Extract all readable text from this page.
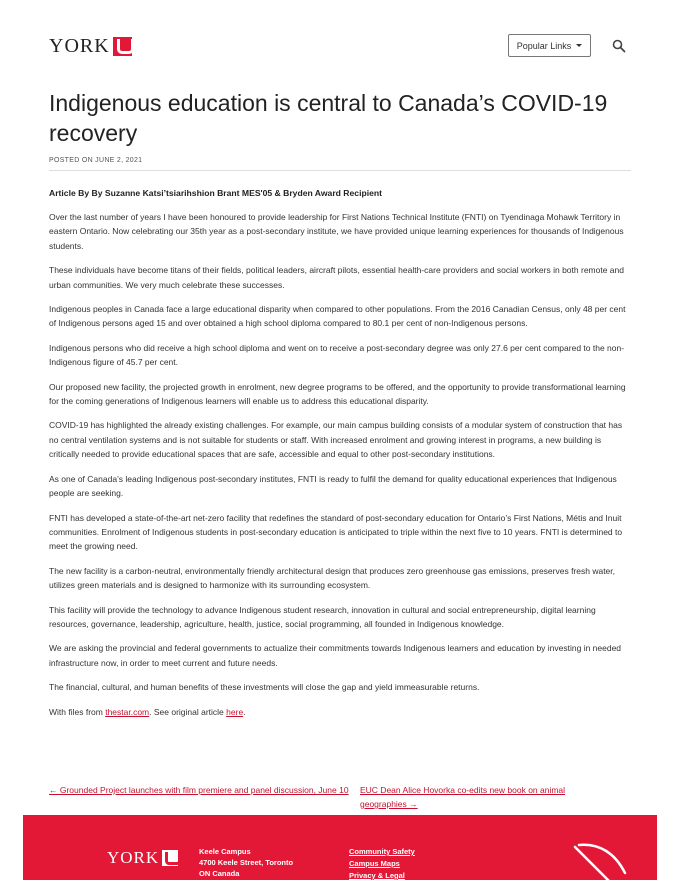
YORK	Popular Links
Indigenous education is central to Canada’s COVID-19 recovery
POSTED ON JUNE 2, 2021

Article By By Suzanne Katsi’tsiarihshion Brant MES'05 & Bryden Award Recipient

Over the last number of years I have been honoured to provide leadership for First Nations Technical Institute (FNTI) on Tyendinaga Mohawk Territory in eastern Ontario. Now celebrating our 35th year as a post-secondary institute, we have provided unique learning experiences for thousands of Indigenous students.

These individuals have become titans of their fields, political leaders, aircraft pilots, essential health-care providers and social workers in both remote and urban communities. We very much celebrate these successes.

Indigenous peoples in Canada face a large educational disparity when compared to other populations. From the 2016 Canadian Census, only 48 per cent of Indigenous persons aged 15 and over obtained a high school diploma compared to 80.1 per cent of non-Indigenous persons.

Indigenous persons who did receive a high school diploma and went on to receive a post-secondary degree was only 27.6 per cent compared to the non-Indigenous figure of 45.7 per cent.

Our proposed new facility, the projected growth in enrolment, new degree programs to be offered, and the opportunity to provide transformational learning for the coming generations of Indigenous learners will enable us to address this educational disparity.

COVID-19 has highlighted the already existing challenges. For example, our main campus building consists of a modular system of construction that has no central ventilation systems and is not suitable for students or staff. With increased enrolment and growing interest in programs, a new building is critically needed to provide educational spaces that are safe, accessible and equal to other post-secondary institutions.

As one of Canada’s leading Indigenous post-secondary institutes, FNTI is ready to fulfil the demand for quality educational experiences that Indigenous people are seeking.

FNTI has developed a state-of-the-art net-zero facility that redefines the standard of post-secondary education for Ontario’s First Nations, Métis and Inuit communities. Enrolment of Indigenous students in post-secondary education is anticipated to triple within the next five to 10 years. FNTI is determined to meet the growing need.

The new facility is a carbon-neutral, environmentally friendly architectural design that produces zero greenhouse gas emissions, preserves fresh water, utilizes green materials and is designed to harmonize with its surrounding ecosystem.

This facility will provide the technology to advance Indigenous student research, innovation in cultural and social entrepreneurship, digital learning resources, governance, leadership, agriculture, health, justice, social programming, all founded in Indigenous knowledge.

We are asking the provincial and federal governments to actualize their commitments towards Indigenous learners and education by investing in needed infrastructure now, in order to meet current and future needs.

The financial, cultural, and human benefits of these investments will close the gap and yield immeasurable returns.

With files from thestar.com. See original article here.

← Grounded Project launches with film premiere and panel discussion, June 10	EUC Dean Alice Hovorka co-edits new book on animal geographies →
YORK	Keele Campus
4700 Keele Street, Toronto
ON Canada
Community Safety
Campus Maps
Privacy & Legal
